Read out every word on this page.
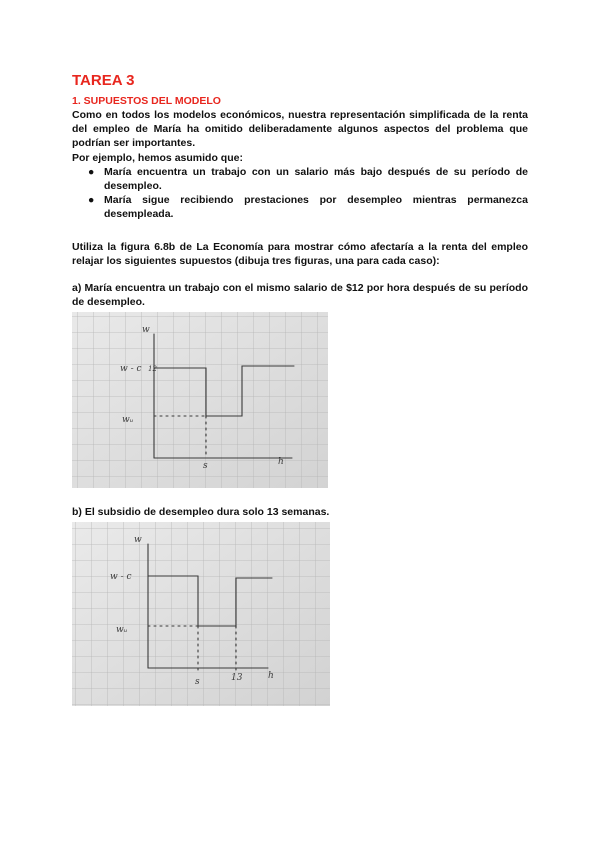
TAREA 3
1. SUPUESTOS DEL MODELO

Como en todos los modelos económicos, nuestra representación simplificada de la renta del empleo de María ha omitido deliberadamente algunos aspectos del problema que podrían ser importantes.

Por ejemplo, hemos asumido que:

● María encuentra un trabajo con un salario más bajo después de su período de desempleo.
● María sigue recibiendo prestaciones por desempleo mientras permanezca desempleada.

Utiliza la figura 6.8b de La Economía para mostrar cómo afectaría a la renta del empleo relajar los siguientes supuestos (dibuja tres figuras, una para cada caso):

a) María encuentra un trabajo con el mismo salario de $12 por hora después de su período de desempleo.

w
w - c 12
wᵤ
s	h
b) El subsidio de desempleo dura solo 13 semanas.
w
w - c
wᵤ
s	13	h
